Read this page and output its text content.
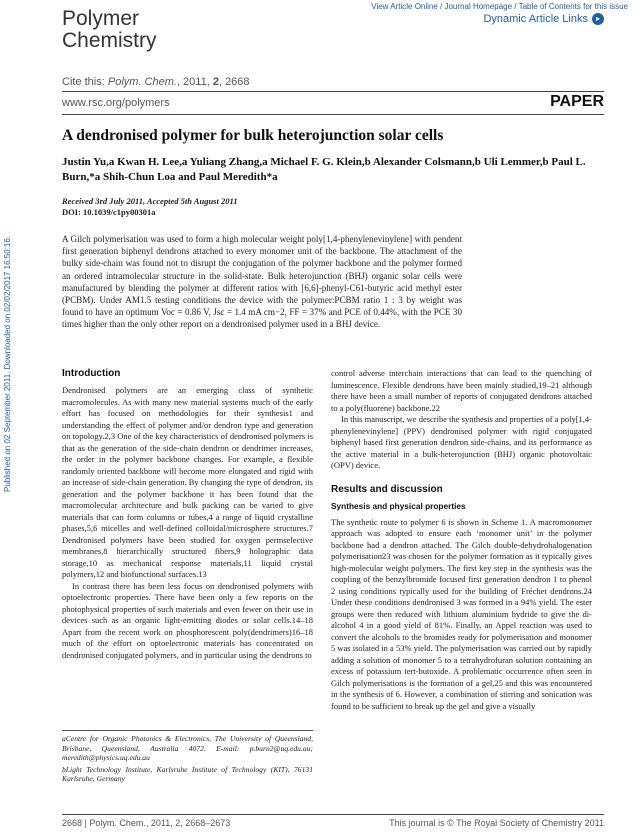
View Article Online / Journal Homepage / Table of Contents for this issue
Polymer
Chemistry
Dynamic Article Links ▸
Cite this: Polym. Chem., 2011, 2, 2668
www.rsc.org/polymers	PAPER
A dendronised polymer for bulk heterojunction solar cells
Justin Yu,a Kwan H. Lee,a Yuliang Zhang,a Michael F. G. Klein,b Alexander Colsmann,b Uli Lemmer,b Paul L. Burn,*a Shih-Chun Loa and Paul Meredith*a
Received 3rd July 2011, Accepted 5th August 2011
DOI: 10.1039/c1py00301a
Published on 02 September 2011. Downloaded on 02/02/2017 16:50:16.	A Gilch polymerisation was used to form a high molecular weight poly[1,4-phenylenevinylene] with pendent first generation biphenyl dendrons attached to every monomer unit of the backbone. The attachment of the bulky side-chain was found not to disrupt the conjugation of the polymer backbone and the polymer formed an ordered intramolecular structure in the solid-state. Bulk heterojunction (BHJ) organic solar cells were manufactured by blending the polymer at different ratios with [6,6]-phenyl-C61-butyric acid methyl ester (PCBM). Under AM1.5 testing conditions the device with the polymer:PCBM ratio 1 : 3 by weight was found to have an optimum Voc = 0.86 V, Jsc = 1.4 mA cm−2, FF = 37% and PCE of 0.44%, with the PCE 30 times higher than the only other report on a dendronised polymer used in a BHJ device.
Introduction

Dendronised polymers are an emerging class of synthetic macromolecules. As with many new material systems much of the early effort has focused on methodologies for their synthesis1 and understanding the effect of polymer and/or dendron type and generation on topology.2,3 One of the key characteristics of dendronised polymers is that as the generation of the side-chain dendron or dendrimer increases, the order in the polymer backbone changes. For example, a flexible randomly oriented backbone will become more elongated and rigid with an increase of side-chain generation. By changing the type of dendron, its generation and the polymer backbone it has been found that the macromolecular architecture and bulk packing can be varied to give materials that can form columns or tubes,4 a range of liquid crystalline phases,5,6 micelles and well-defined colloidal/microsphere structures.7 Dendronised polymers have been studied for oxygen permselective membranes,8 hierarchically structured fibers,9 holographic data storage,10 as mechanical response materials,11 liquid crystal polymers,12 and biofunctional surfaces.13

In contrast there has been less focus on dendronised polymers with optoelectronic properties. There have been only a few reports on the photophysical properties of such materials and even fewer on their use in devices such as an organic light-emitting diodes or solar cells.14–18 Apart from the recent work on phosphorescent poly(dendrimers)16–18 much of the effort on optoelectronic materials has concentrated on dendronised conjugated polymers, and in particular using the dendrons to

control adverse interchain interactions that can lead to the quenching of luminescence. Flexible dendrons have been mainly studied,19–21 although there have been a small number of reports of conjugated dendrons attached to a poly(fluorene) backbone.22

In this manuscript, we describe the synthesis and properties of a poly[1,4-phenylenevinylene] (PPV) dendronised polymer with rigid conjugated biphenyl based first generation dendron side-chains, and its performance as the active material in a bulk-heterojunction (BHJ) organic photovoltaic (OPV) device.

Results and discussion
Synthesis and physical properties

The synthetic route to polymer 6 is shown in Scheme 1. A macromonomer approach was adopted to ensure each ‘monomer unit’ in the polymer backbone had a dendron attached. The Gilch double-dehydrohalogenation polymerisation23 was chosen for the polymer formation as it typically gives high-molecular weight polymers. The first key step in the synthesis was the coupling of the benzylbromide focused first generation dendron 1 to phenol 2 using conditions typically used for the building of Fréchet dendrons.24 Under these conditions dendronised 3 was formed in a 94% yield. The ester groups were then reduced with lithium aluminium hydride to give the di-alcohol 4 in a good yield of 81%. Finally, an Appel reaction was used to convert the alcohols to the bromides ready for polymerisation and monomer 5 was isolated in a 53% yield. The polymerisation was carried out by rapidly adding a solution of monomer 5 to a tetrahydrofuran solution containing an excess of potassium tert-butoxide. A problematic occurrence often seen in Gilch polymerisations is the formation of a gel,25 and this was encountered in the synthesis of 6. However, a combination of stirring and sonication was found to be sufficient to break up the gel and give a visually

aCentre for Organic Photonics & Electronics, The University of Queensland, Brisbane, Queensland, Australia 4072. E-mail: p.burn2@uq.edu.au; meredith@physics.uq.edu.au

bLight Technology Institute, Karlsruhe Institute of Technology (KIT), 76131 Karlsruhe, Germany

2668 | Polym. Chem., 2011, 2, 2668–2673	This journal is © The Royal Society of Chemistry 2011
